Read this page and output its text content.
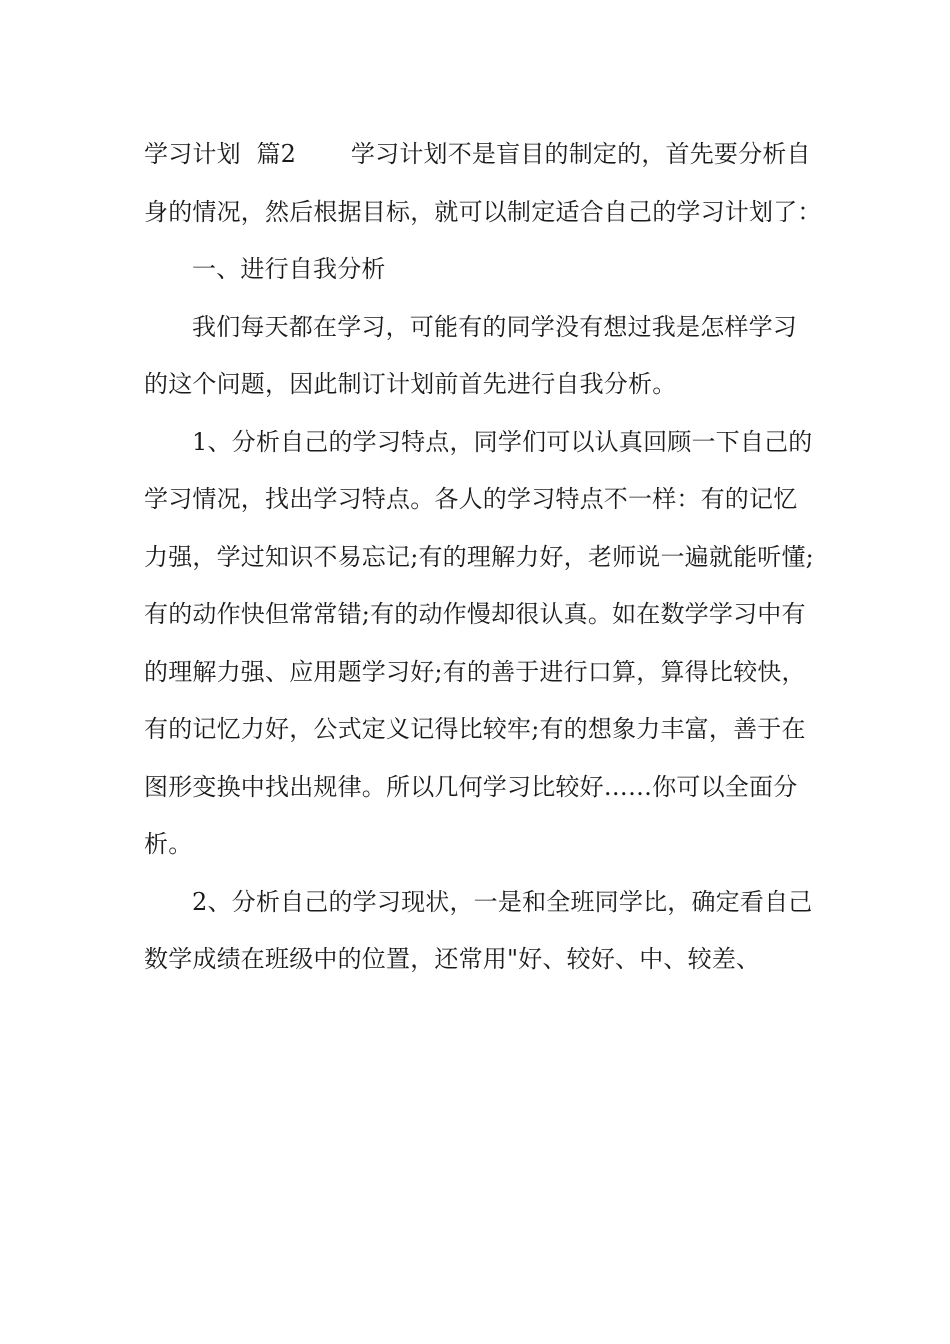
学习计划  篇2       学习计划不是盲目的制定的，首先要分析自
身的情况，然后根据目标，就可以制定适合自己的学习计划了：
一、进行自我分析
我们每天都在学习，可能有的同学没有想过我是怎样学习
的这个问题，因此制订计划前首先进行自我分析。
1、分析自己的学习特点，同学们可以认真回顾一下自己的
学习情况，找出学习特点。各人的学习特点不一样：有的记忆
力强，学过知识不易忘记;有的理解力好，老师说一遍就能听懂;
有的动作快但常常错;有的动作慢却很认真。如在数学学习中有
的理解力强、应用题学习好;有的善于进行口算，算得比较快，
有的记忆力好，公式定义记得比较牢;有的想象力丰富，善于在
图形变换中找出规律。所以几何学习比较好……你可以全面分
析。
2、分析自己的学习现状，一是和全班同学比，确定看自己
数学成绩在班级中的位置，还常用"好、较好、中、较差、
